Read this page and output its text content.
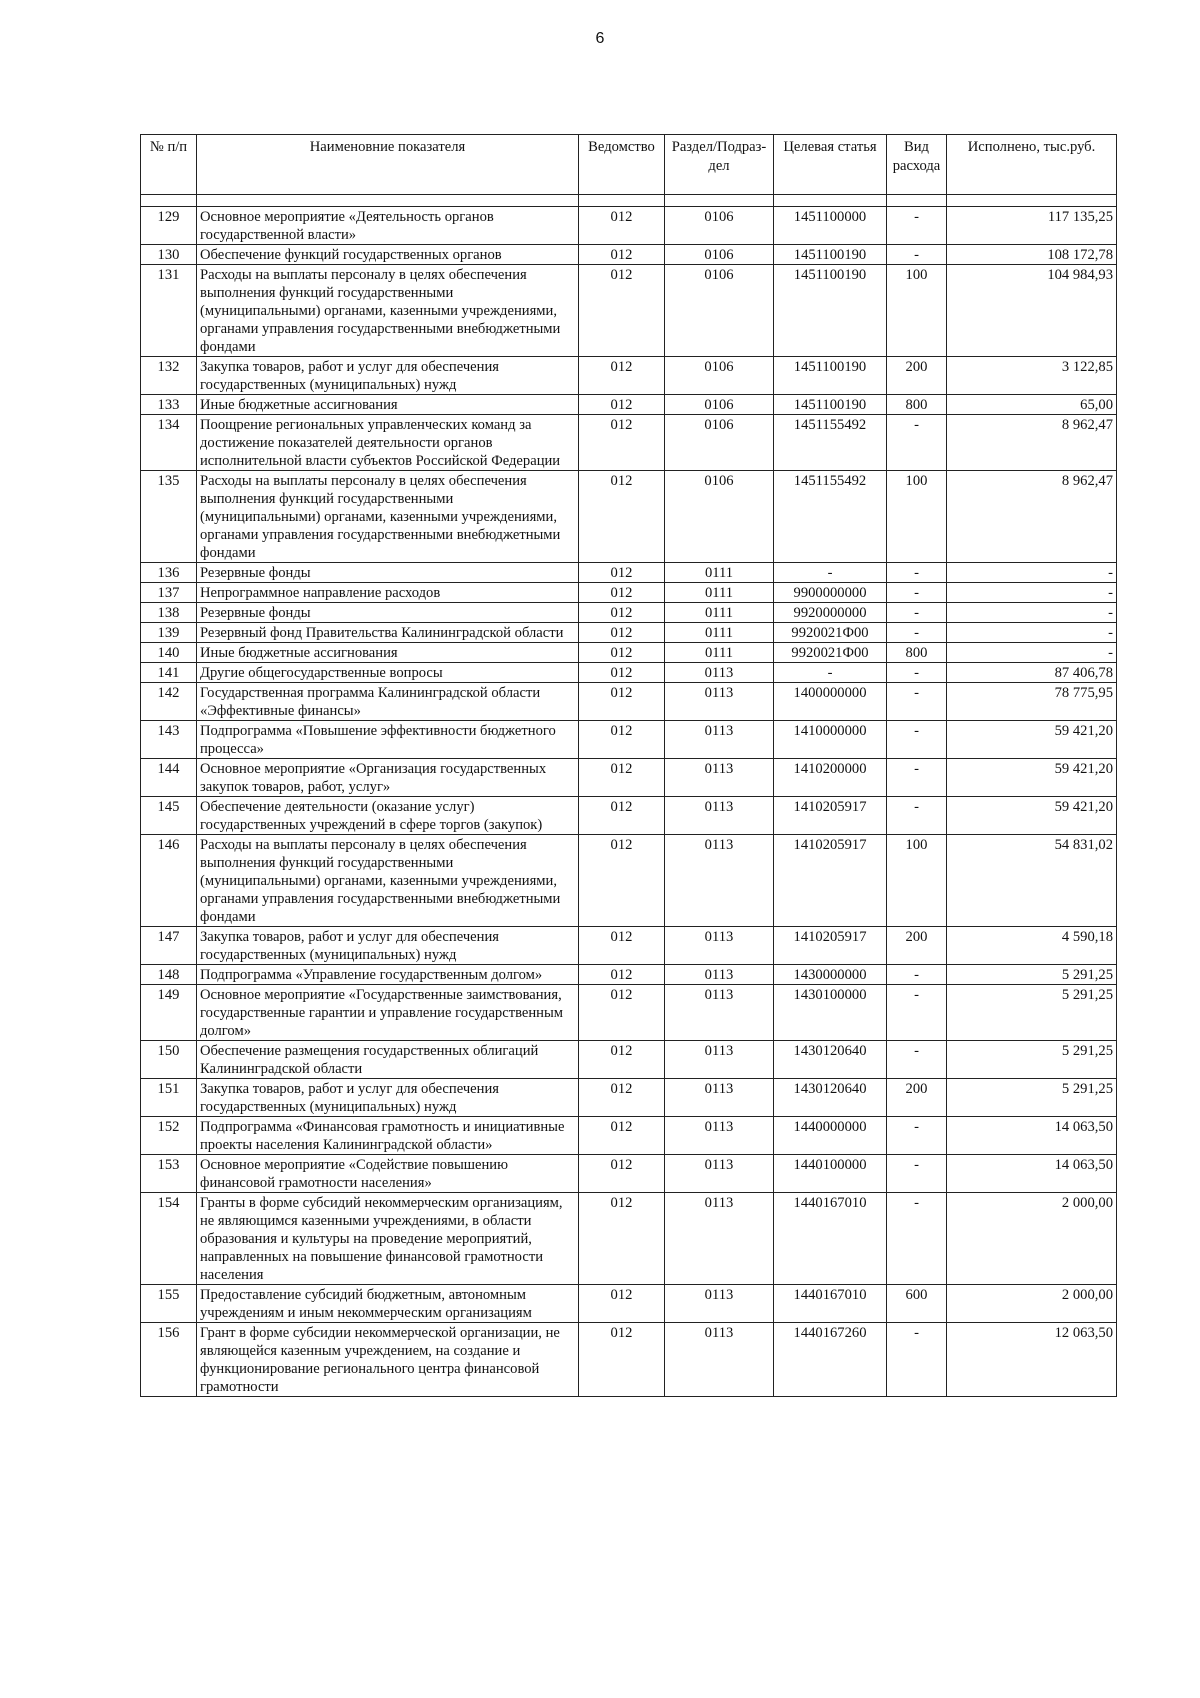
6
№ п/п	Наименовние показателя	Ведомство	Раздел/Подраз-дел	Целевая статья	Вид расхода	Исполнено, тыс.руб.

129	Основное мероприятие «Деятельность органов государственной власти»	012	0106	1451100000	-	117 135,25
130	Обеспечение функций государственных органов	012	0106	1451100190	-	108 172,78
131	Расходы на выплаты персоналу в целях обеспечения выполнения функций государственными (муниципальными) органами, казенными учреждениями, органами управления государственными внебюджетными фондами	012	0106	1451100190	100	104 984,93
132	Закупка товаров, работ и услуг для обеспечения государственных (муниципальных) нужд	012	0106	1451100190	200	3 122,85
133	Иные бюджетные ассигнования	012	0106	1451100190	800	65,00
134	Поощрение региональных управленческих команд за достижение показателей деятельности органов исполнительной власти субъектов Российской Федерации	012	0106	1451155492	-	8 962,47
135	Расходы на выплаты персоналу в целях обеспечения выполнения функций государственными (муниципальными) органами, казенными учреждениями, органами управления государственными внебюджетными фондами	012	0106	1451155492	100	8 962,47
136	Резервные фонды	012	0111	-	-	-
137	Непрограммное направление расходов	012	0111	9900000000	-	-
138	Резервные фонды	012	0111	9920000000	-	-
139	Резервный фонд Правительства Калининградской области	012	0111	9920021Ф00	-	-
140	Иные бюджетные ассигнования	012	0111	9920021Ф00	800	-
141	Другие общегосударственные вопросы	012	0113	-	-	87 406,78
142	Государственная программа Калининградской области «Эффективные финансы»	012	0113	1400000000	-	78 775,95
143	Подпрограмма «Повышение эффективности бюджетного процесса»	012	0113	1410000000	-	59 421,20
144	Основное мероприятие «Организация государственных закупок товаров, работ, услуг»	012	0113	1410200000	-	59 421,20
145	Обеспечение деятельности (оказание услуг) государственных учреждений в сфере торгов (закупок)	012	0113	1410205917	-	59 421,20
146	Расходы на выплаты персоналу в целях обеспечения выполнения функций государственными (муниципальными) органами, казенными учреждениями, органами управления государственными внебюджетными фондами	012	0113	1410205917	100	54 831,02
147	Закупка товаров, работ и услуг для обеспечения государственных (муниципальных) нужд	012	0113	1410205917	200	4 590,18
148	Подпрограмма «Управление государственным долгом»	012	0113	1430000000	-	5 291,25
149	Основное мероприятие «Государственные заимствования, государственные гарантии и управление государственным долгом»	012	0113	1430100000	-	5 291,25
150	Обеспечение размещения государственных облигаций Калининградской области	012	0113	1430120640	-	5 291,25
151	Закупка товаров, работ и услуг для обеспечения государственных (муниципальных) нужд	012	0113	1430120640	200	5 291,25
152	Подпрограмма «Финансовая грамотность и инициативные проекты населения Калининградской области»	012	0113	1440000000	-	14 063,50
153	Основное мероприятие «Содействие повышению финансовой грамотности населения»	012	0113	1440100000	-	14 063,50
154	Гранты в форме субсидий некоммерческим организациям, не являющимся казенными учреждениями, в области образования и культуры на проведение мероприятий, направленных на повышение финансовой грамотности населения	012	0113	1440167010	-	2 000,00
155	Предоставление субсидий бюджетным, автономным учреждениям и иным некоммерческим организациям	012	0113	1440167010	600	2 000,00
156	Грант в форме субсидии некоммерческой организации, не являющейся казенным учреждением, на создание и функционирование регионального центра финансовой грамотности	012	0113	1440167260	-	12 063,50
